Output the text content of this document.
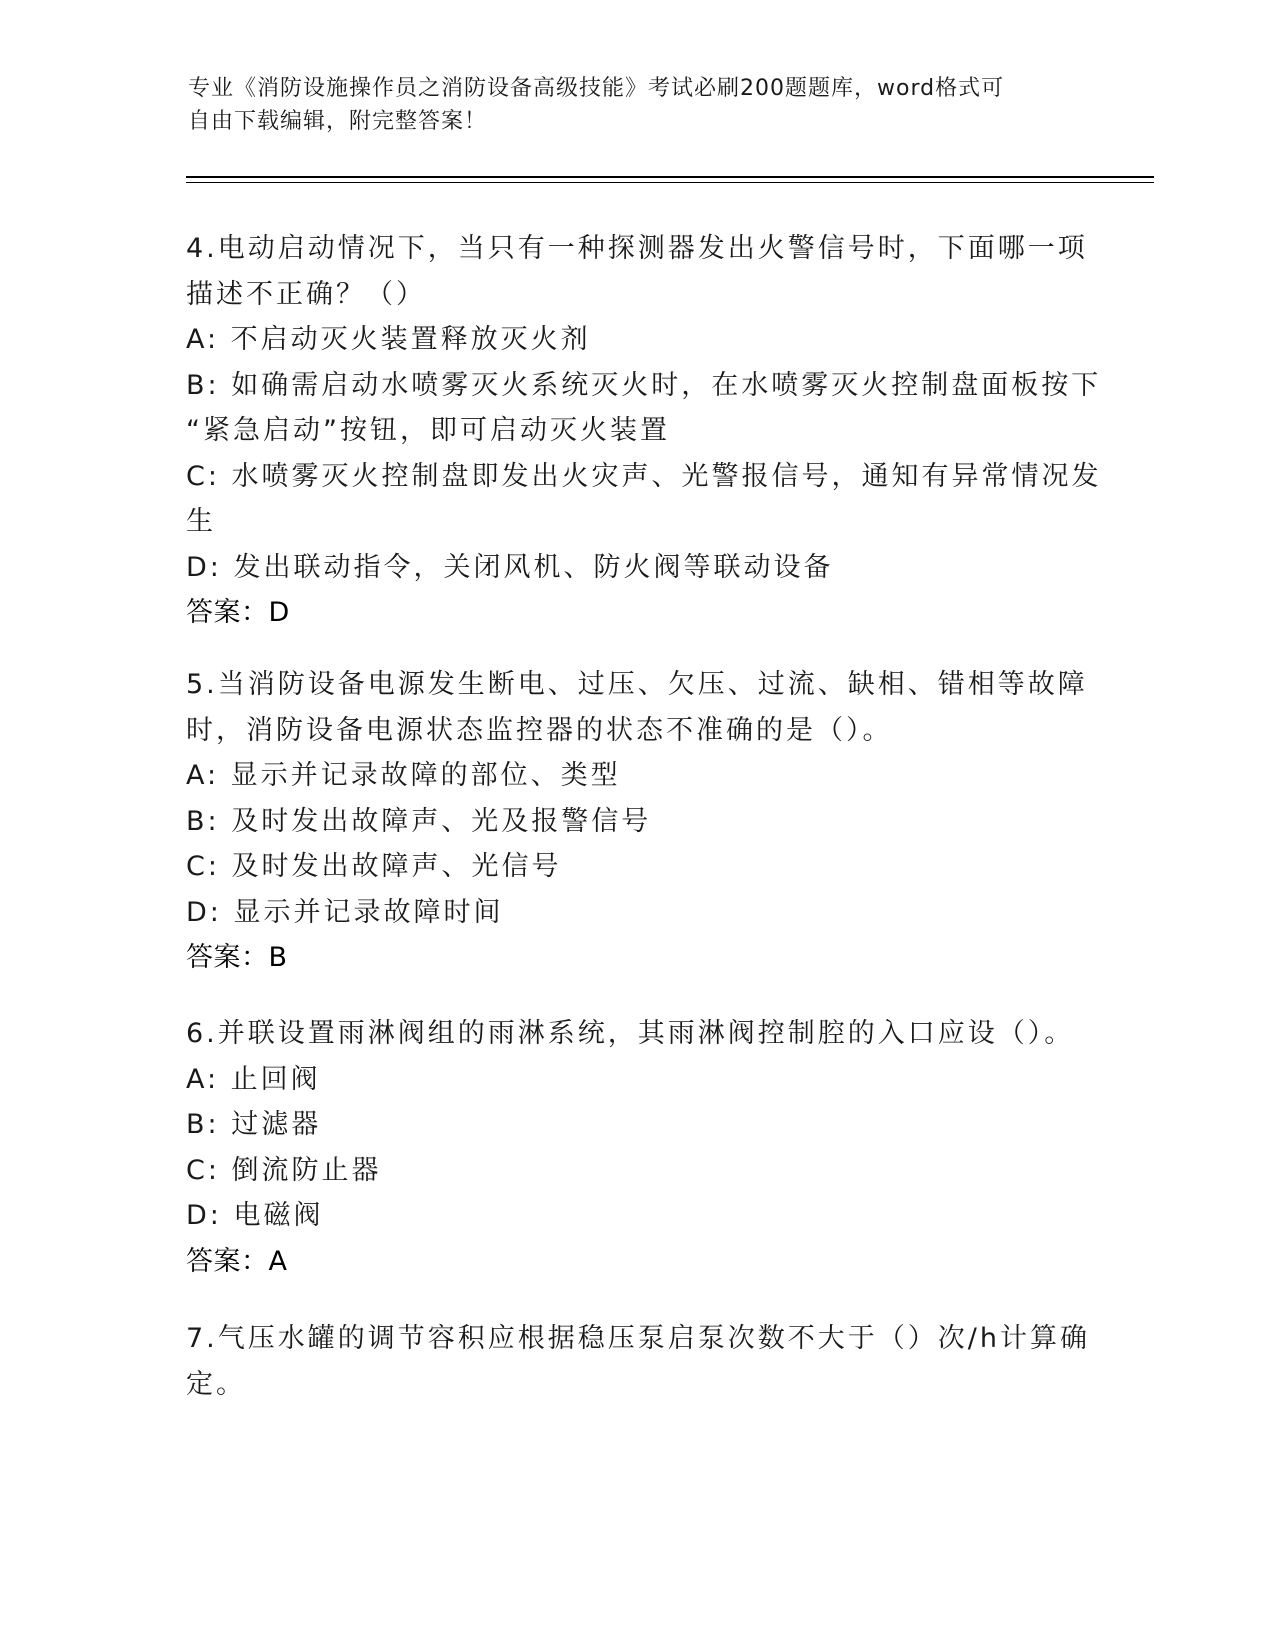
专业《消防设施操作员之消防设备高级技能》考试必刷200题题库，word格式可
自由下载编辑，附完整答案！
4.电动启动情况下，当只有一种探测器发出火警信号时，下面哪一项
描述不正确？（）
A: 不启动灭火装置释放灭火剂
B: 如确需启动水喷雾灭火系统灭火时，在水喷雾灭火控制盘面板按下
“紧急启动”按钮，即可启动灭火装置
C: 水喷雾灭火控制盘即发出火灾声、光警报信号，通知有异常情况发
生
D: 发出联动指令，关闭风机、防火阀等联动设备
答案：D
5.当消防设备电源发生断电、过压、欠压、过流、缺相、错相等故障
时，消防设备电源状态监控器的状态不准确的是（）。
A: 显示并记录故障的部位、类型
B: 及时发出故障声、光及报警信号
C: 及时发出故障声、光信号
D: 显示并记录故障时间
答案：B
6.并联设置雨淋阀组的雨淋系统，其雨淋阀控制腔的入口应设（）。
A: 止回阀
B: 过滤器
C: 倒流防止器
D: 电磁阀
答案：A
7.气压水罐的调节容积应根据稳压泵启泵次数不大于（）次/h计算确
定。
